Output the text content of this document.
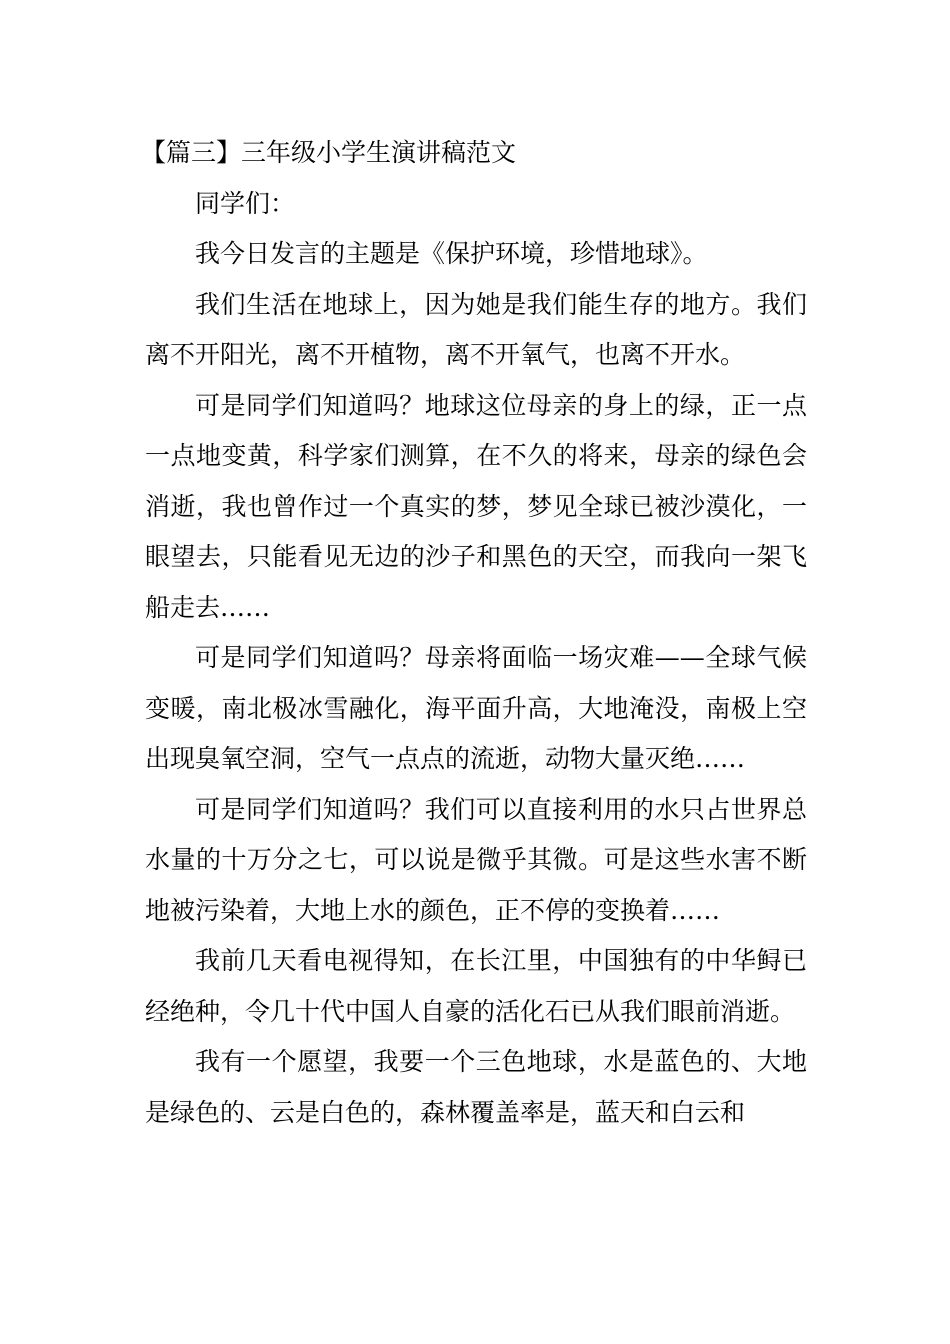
【篇三】三年级小学生演讲稿范文

同学们：

我今日发言的主题是《保护环境，珍惜地球》。

我们生活在地球上，因为她是我们能生存的地方。我们离不开阳光，离不开植物，离不开氧气，也离不开水。

可是同学们知道吗？地球这位母亲的身上的绿，正一点一点地变黄，科学家们测算，在不久的将来，母亲的绿色会消逝，我也曾作过一个真实的梦，梦见全球已被沙漠化，一眼望去，只能看见无边的沙子和黑色的天空，而我向一架飞船走去……

可是同学们知道吗？母亲将面临一场灾难——全球气候变暖，南北极冰雪融化，海平面升高，大地淹没，南极上空出现臭氧空洞，空气一点点的流逝，动物大量灭绝……

可是同学们知道吗？我们可以直接利用的水只占世界总水量的十万分之七，可以说是微乎其微。可是这些水害不断地被污染着，大地上水的颜色，正不停的变换着……

我前几天看电视得知，在长江里，中国独有的中华鲟已经绝种，令几十代中国人自豪的活化石已从我们眼前消逝。

我有一个愿望，我要一个三色地球，水是蓝色的、大地是绿色的、云是白色的，森林覆盖率是，蓝天和白云和
